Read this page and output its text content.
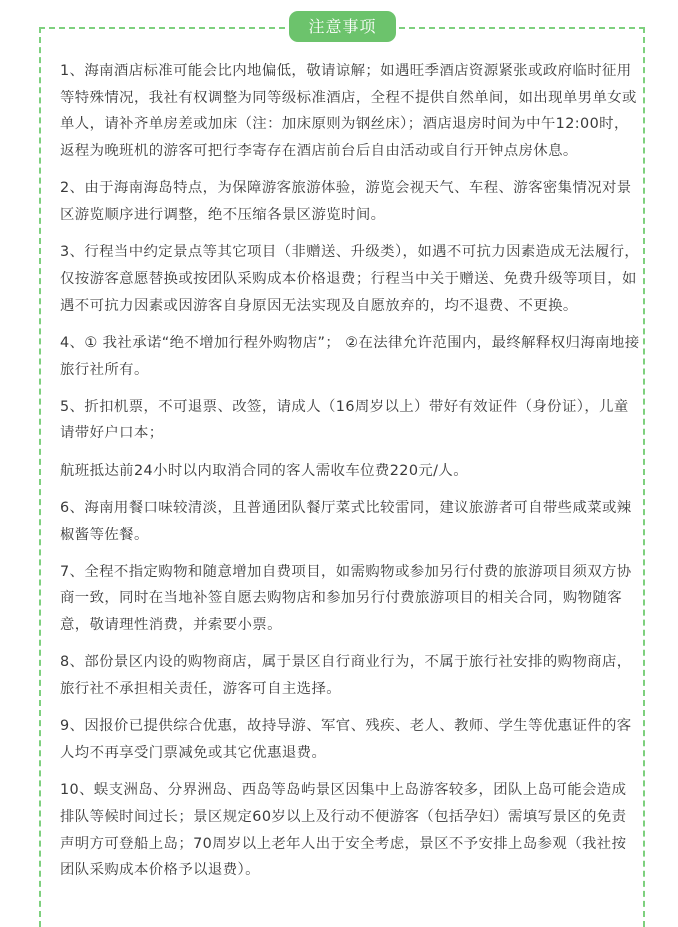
注意事项

1、海南酒店标准可能会比内地偏低，敬请谅解；如遇旺季酒店资源紧张或政府临时征用等特殊情况，我社有权调整为同等级标准酒店，全程不提供自然单间，如出现单男单女或单人，请补齐单房差或加床（注：加床原则为钢丝床）；酒店退房时间为中午12:00时，返程为晚班机的游客可把行李寄存在酒店前台后自由活动或自行开钟点房休息。

2、由于海南海岛特点，为保障游客旅游体验，游览会视天气、车程、游客密集情况对景区游览顺序进行调整，绝不压缩各景区游览时间。

3、行程当中约定景点等其它项目（非赠送、升级类），如遇不可抗力因素造成无法履行，仅按游客意愿替换或按团队采购成本价格退费；行程当中关于赠送、免费升级等项目，如遇不可抗力因素或因游客自身原因无法实现及自愿放弃的，均不退费、不更换。

4、① 我社承诺“绝不增加行程外购物店”； ②在法律允许范围内，最终解释权归海南地接旅行社所有。

5、折扣机票，不可退票、改签，请成人（16周岁以上）带好有效证件（身份证），儿童请带好户口本；

航班抵达前24小时以内取消合同的客人需收车位费220元/人。

6、海南用餐口味较清淡，且普通团队餐厅菜式比较雷同，建议旅游者可自带些咸菜或辣椒酱等佐餐。

7、全程不指定购物和随意增加自费项目，如需购物或参加另行付费的旅游项目须双方协商一致，同时在当地补签自愿去购物店和参加另行付费旅游项目的相关合同，购物随客意，敬请理性消费，并索要小票。

8、部份景区内设的购物商店，属于景区自行商业行为，不属于旅行社安排的购物商店，旅行社不承担相关责任，游客可自主选择。

9、因报价已提供综合优惠，故持导游、军官、残疾、老人、教师、学生等优惠证件的客人均不再享受门票减免或其它优惠退费。

10、蜈支洲岛、分界洲岛、西岛等岛屿景区因集中上岛游客较多，团队上岛可能会造成排队等候时间过长；景区规定60岁以上及行动不便游客（包括孕妇）需填写景区的免责声明方可登船上岛；70周岁以上老年人出于安全考虑，景区不予安排上岛参观（我社按团队采购成本价格予以退费）。
